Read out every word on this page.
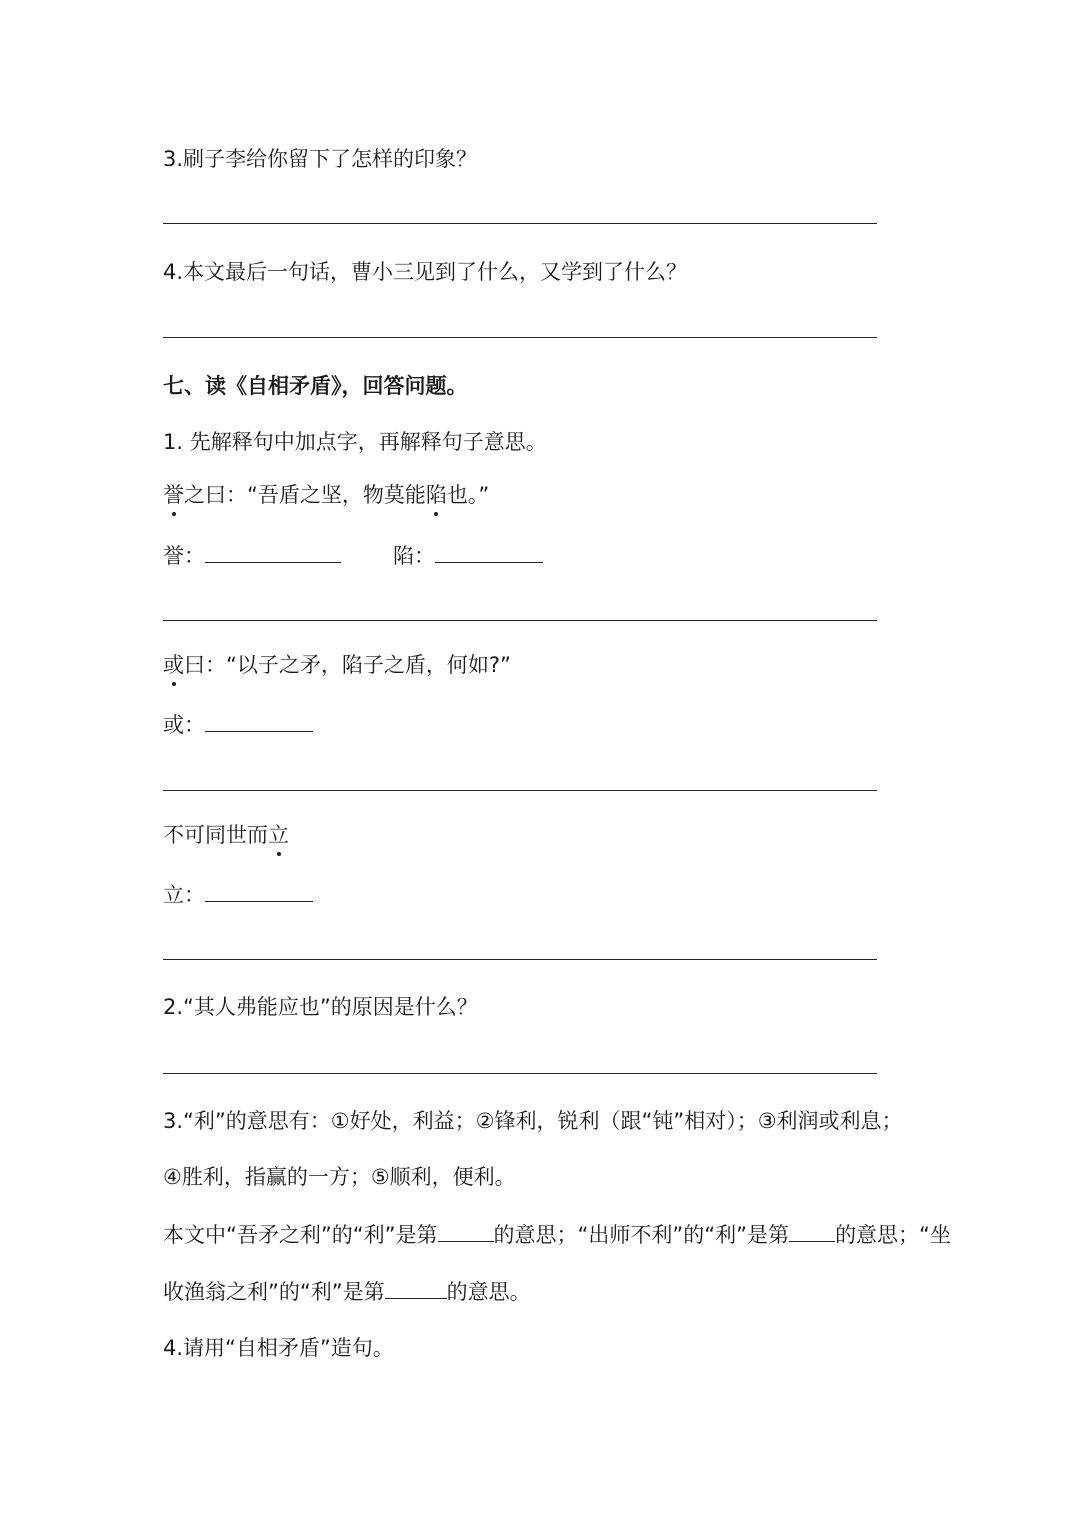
3.刷子李给你留下了怎样的印象？
4.本文最后一句话，曹小三见到了什么，又学到了什么？
七、读《自相矛盾》，回答问题。
1. 先解释句中加点字，再解释句子意思。
誉之曰：“吾盾之坚，物莫能陷也。”
誉：	陷：
或曰：“以子之矛，陷子之盾，何如?”
或：
不可同世而立
立：
2.“其人弗能应也”的原因是什么？
3.“利”的意思有：①好处，利益；②锋利，锐利（跟“钝”相对）；③利润或利息；
④胜利，指赢的一方；⑤顺利，便利。
本文中“吾矛之利”的“利”是第	的意思；“出师不利”的“利”是第 的意思；“坐
收渔翁之利”的“利”是第	的意思。
4.请用“自相矛盾”造句。
